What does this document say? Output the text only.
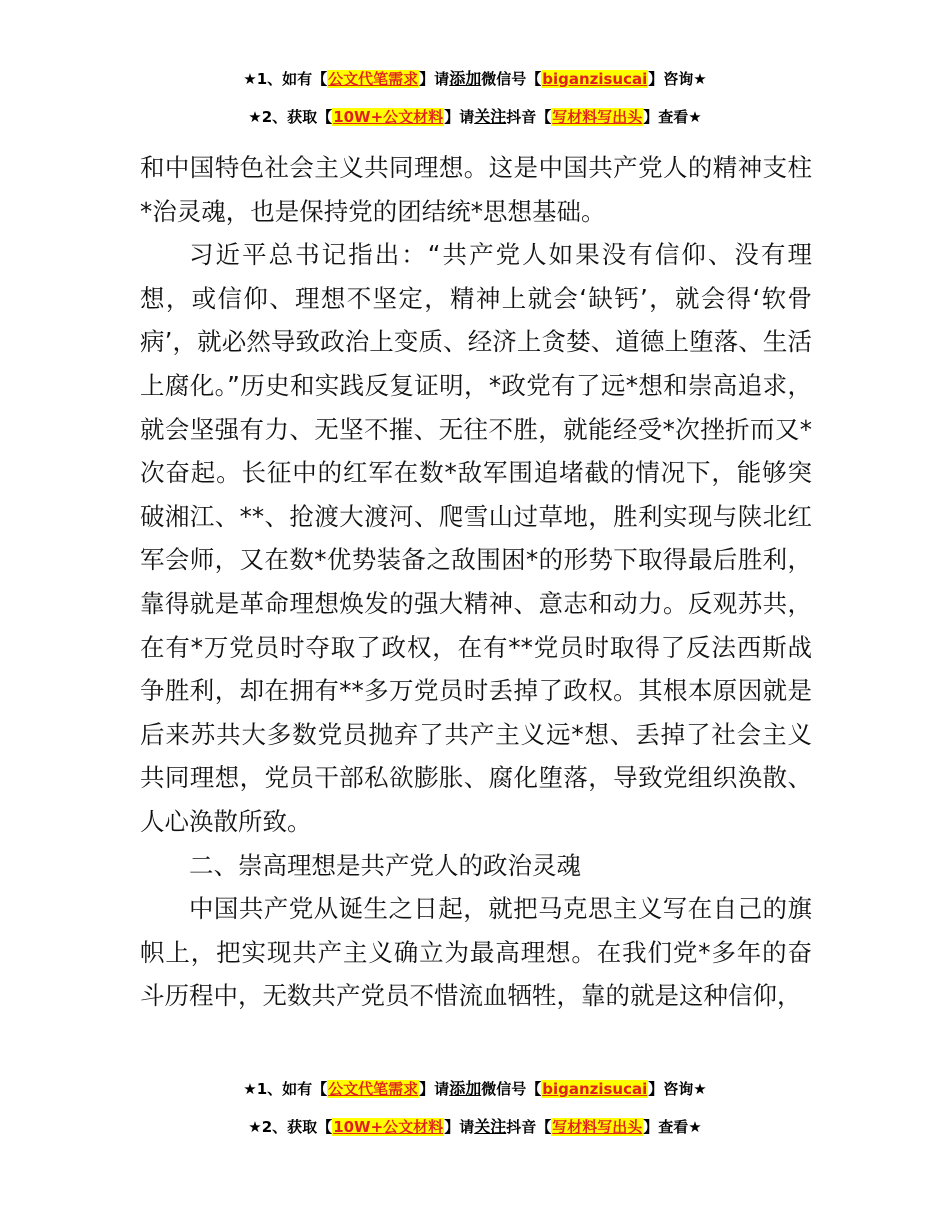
★1、如有【公文代笔需求】请添加微信号【biganzisucai】咨询★
★2、获取【10W+公文材料】请关注抖音【写材料写出头】查看★

和中国特色社会主义共同理想。这是中国共产党人的精神支柱*治灵魂，也是保持党的团结统*思想基础。

习近平总书记指出：“共产党人如果没有信仰、没有理想，或信仰、理想不坚定，精神上就会‘缺钙’，就会得‘软骨病’，就必然导致政治上变质、经济上贪婪、道德上堕落、生活上腐化。”历史和实践反复证明，*政党有了远*想和崇高追求，就会坚强有力、无坚不摧、无往不胜，就能经受*次挫折而又*次奋起。长征中的红军在数*敌军围追堵截的情况下，能够突破湘江、**、抢渡大渡河、爬雪山过草地，胜利实现与陕北红军会师，又在数*优势装备之敌围困*的形势下取得最后胜利，靠得就是革命理想焕发的强大精神、意志和动力。反观苏共，在有*万党员时夺取了政权，在有**党员时取得了反法西斯战争胜利，却在拥有**多万党员时丢掉了政权。其根本原因就是后来苏共大多数党员抛弃了共产主义远*想、丢掉了社会主义共同理想，党员干部私欲膨胀、腐化堕落，导致党组织涣散、人心涣散所致。

二、崇高理想是共产党人的政治灵魂

中国共产党从诞生之日起，就把马克思主义写在自己的旗帜上，把实现共产主义确立为最高理想。在我们党*多年的奋斗历程中，无数共产党员不惜流血牺牲，靠的就是这种信仰，

★1、如有【公文代笔需求】请添加微信号【biganzisucai】咨询★
★2、获取【10W+公文材料】请关注抖音【写材料写出头】查看★
